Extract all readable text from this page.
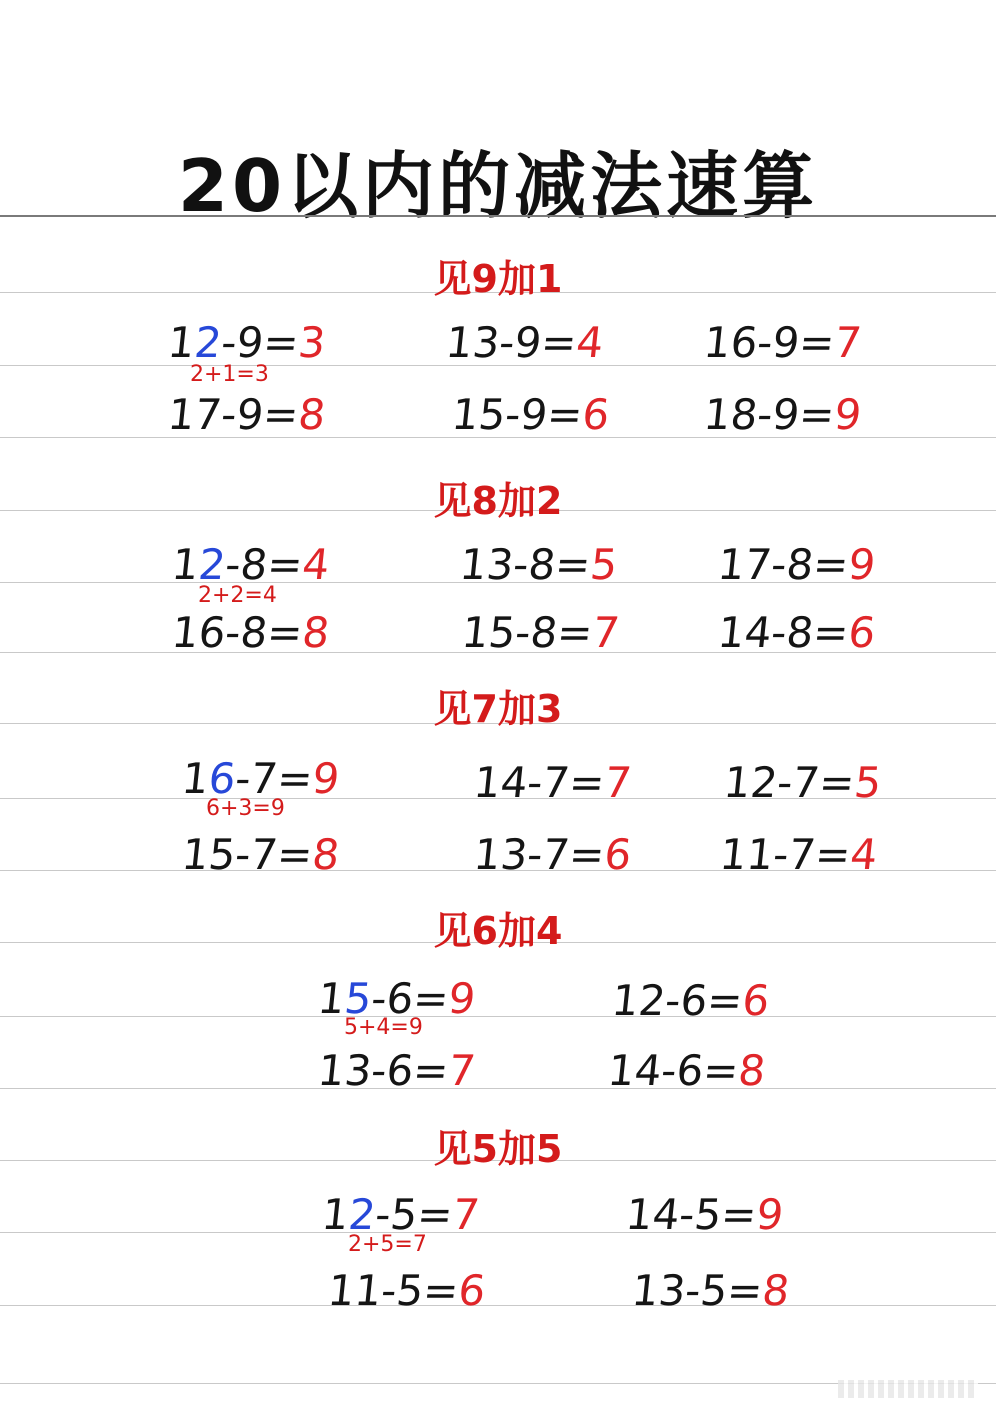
20以内的减法速算
见9加1
12-9=3	13-9=4 16-9=7
17-9=8	15-9=6 18-9=9
2+1=3
见8加2
12-8=4	13-8=5 17-8=9
16-8=8	15-8=7 14-8=6
2+2=4
见7加3
16-7=9	14-7=7 12-7=5
15-7=8	13-7=6 11-7=4
6+3=9
见6加4
15-6=9	12-6=6
13-6=7	14-6=8
5+4=9
见5加5
12-5=7	14-5=9
11-5=6	13-5=8
2+5=7
